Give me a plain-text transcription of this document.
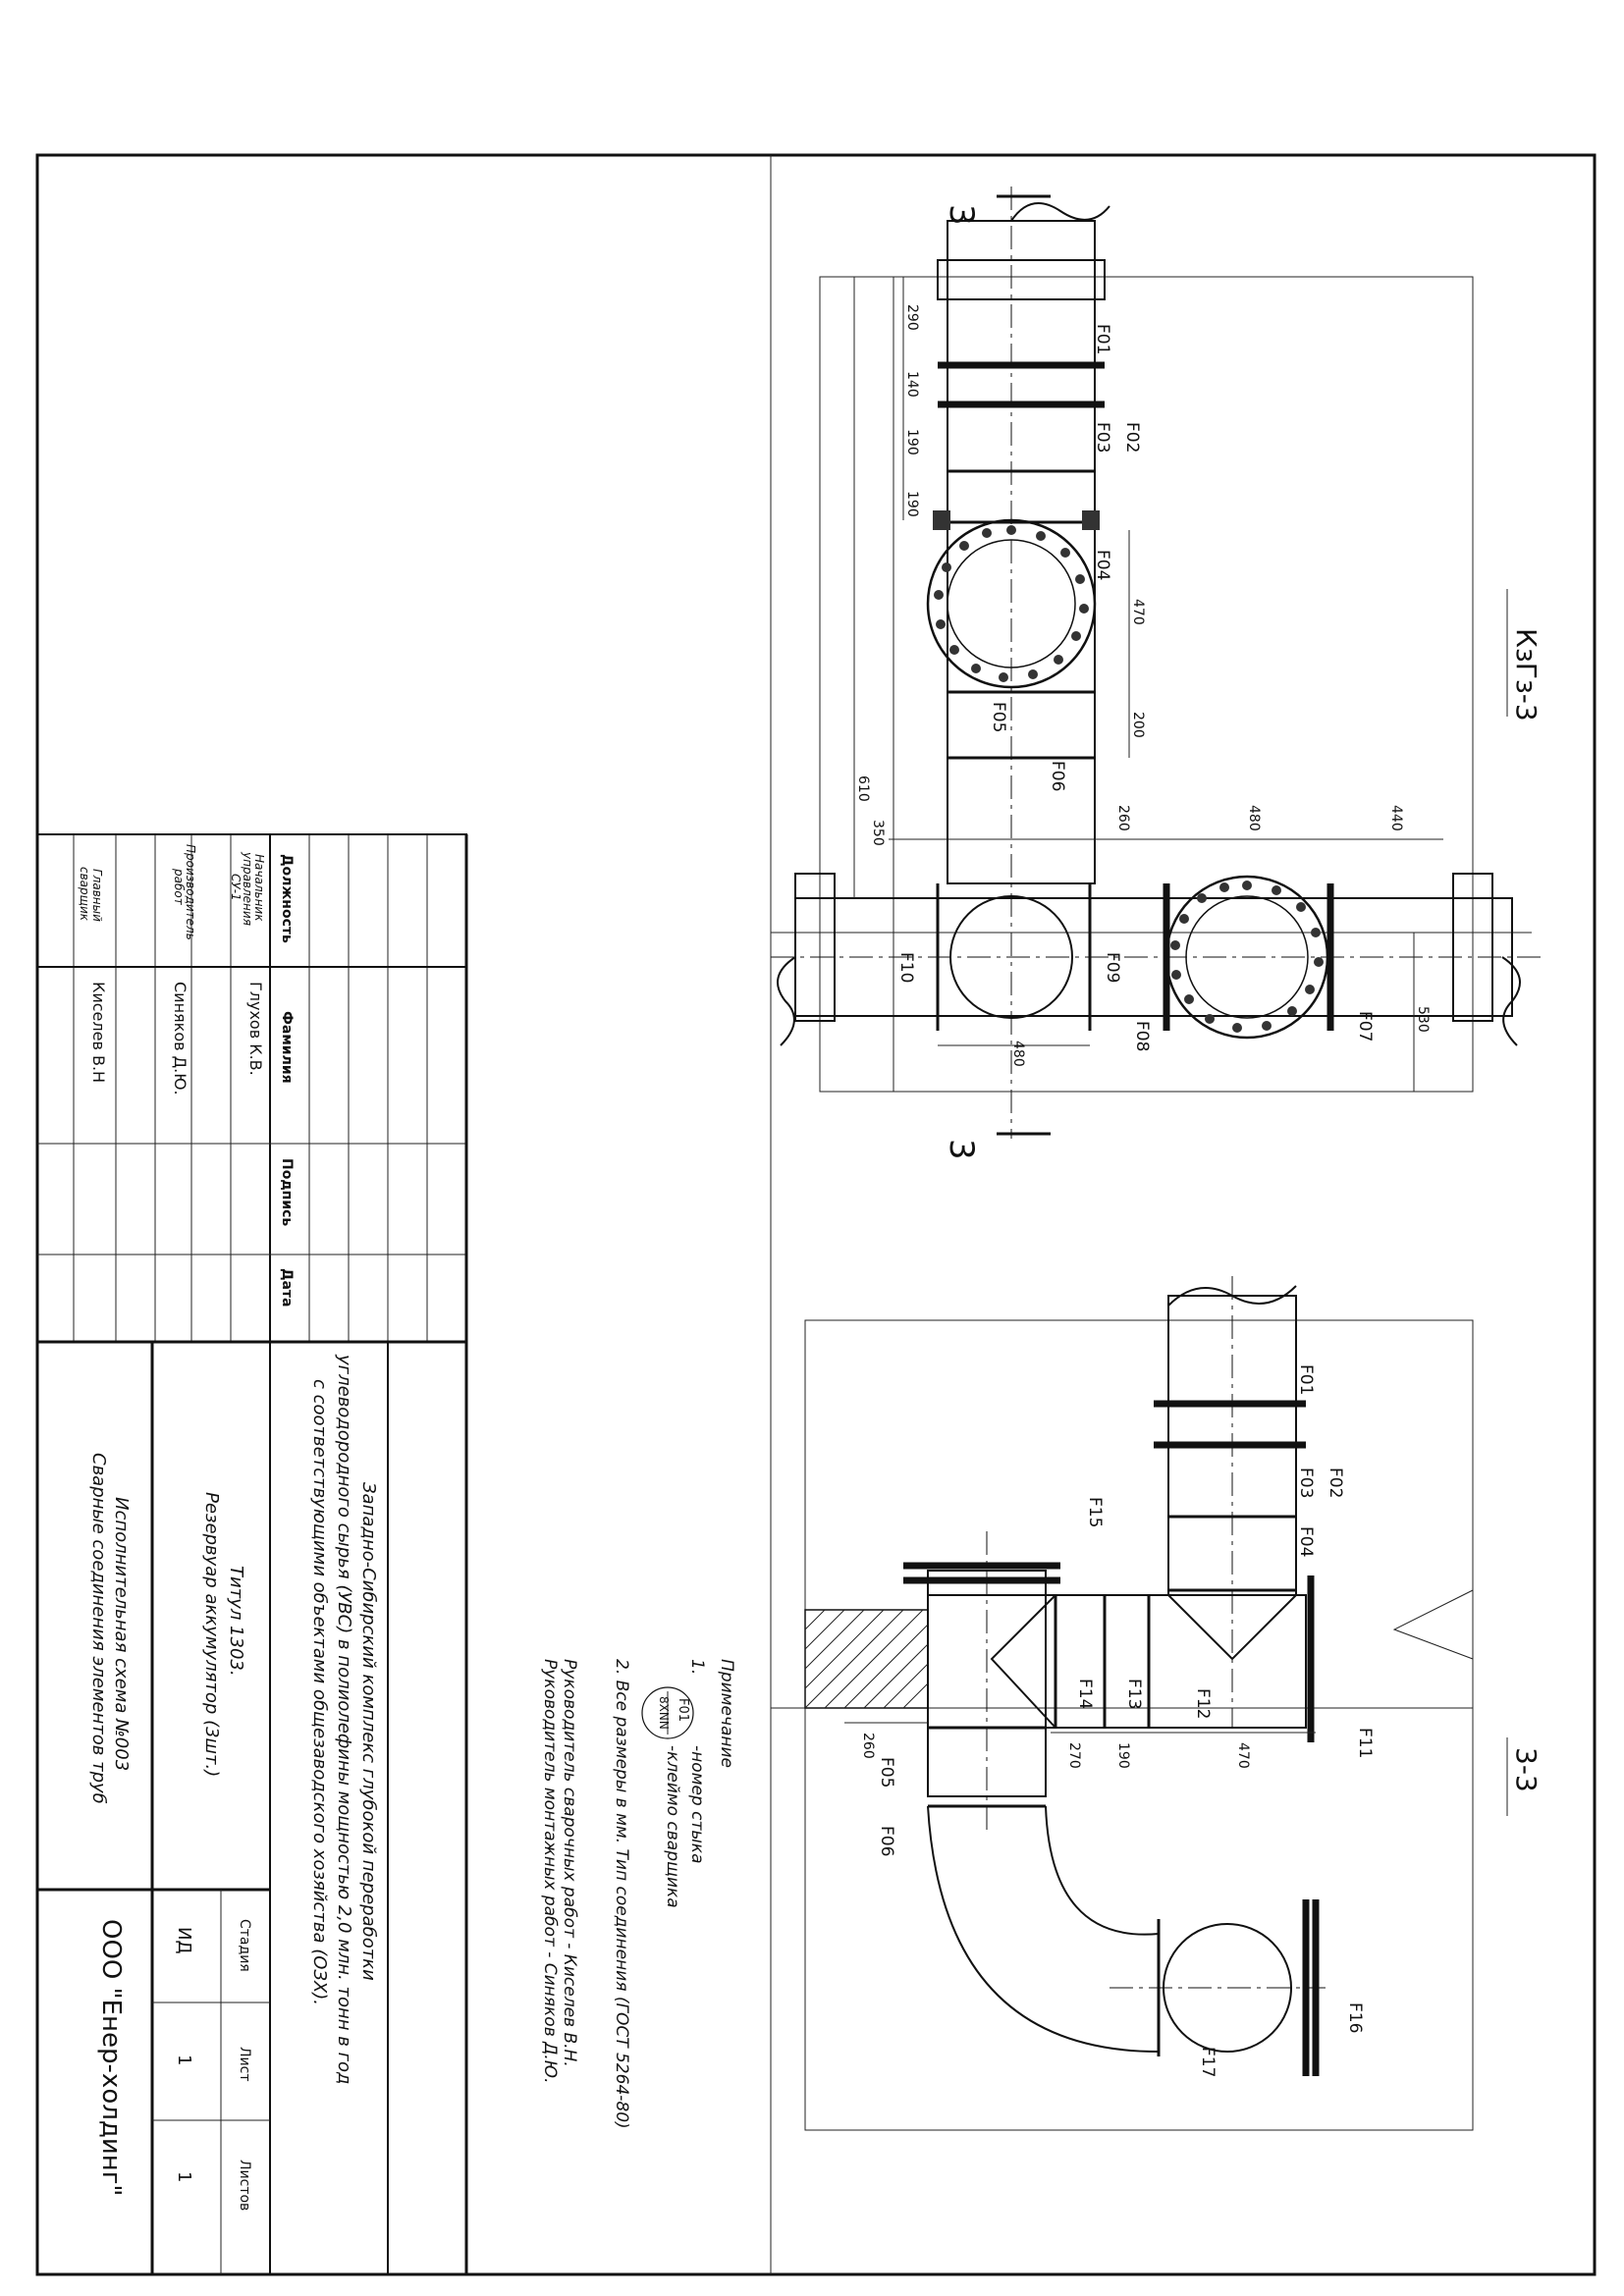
КзГз-3
3
3
F01
F02
F03
F04
F05
F06
F07
F08
F09
F10
290
140
190
190
470
200
610
350
260	480	440
480
530
3-3
F01
F02
F03
F04
F05
F06
F11
F12
F13
F14
F15
F16
F17
470
190
270
260
Примечание
1.
F01
8XNN
-номер стыка
-клеймо сварщика
2. Все размеры в мм. Тип соединения (ГОСТ 5264-80)
Руководитель сварочных работ - Киселев В.Н.
Руководитель монтажных работ - Синяков Д.Ю.
Должность
Фамилия
Подпись
Дата
Начальник
управления
СУ-1
Глухов К.В.
Производитель
работ
Синяков Д.Ю.
Главный
сварщик
Киселев В.Н
Западно-Сибирский комплекс глубокой переработки
углеводородного сырья (УВС) в полиолефины мощностью 2,0 млн. тонн в год
с соответствующими объектами общезаводского хозяйства (ОЗХ).
Титул 1303.
Резервуар аккумулятор (3шт.)
Исполнительная схема №003
Сварные соединения элементов труб
Стадия
Лист
Листов
ИД
1
1
ООО "Енер-холдинг"
